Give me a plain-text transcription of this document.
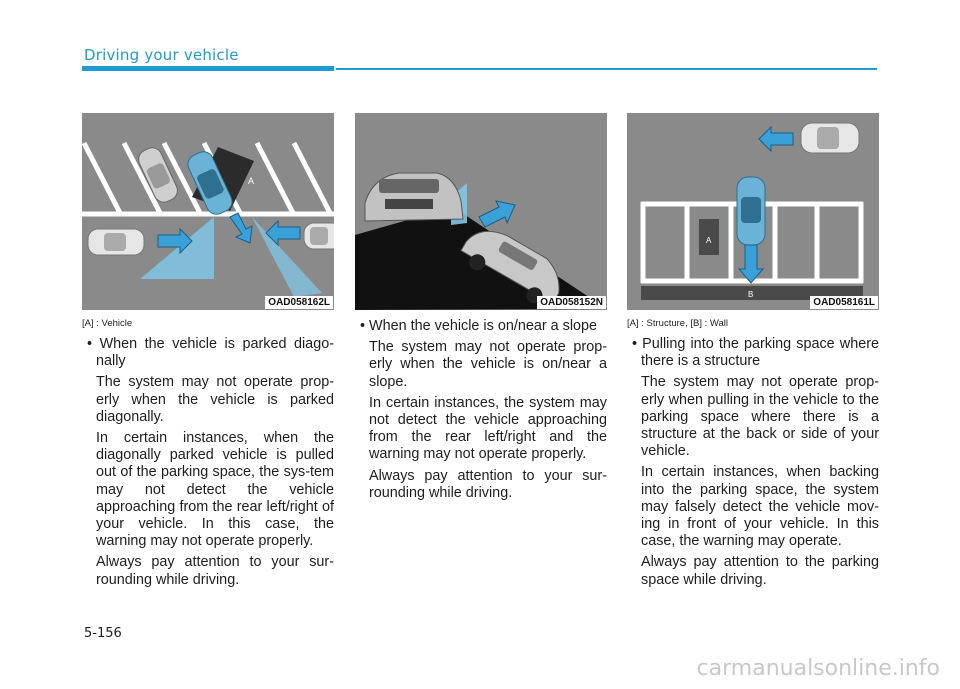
Driving your vehicle
A
OAD058162L	OAD058152N
A
B
OAD058161L
[A] : Vehicle
• When the vehicle is parked diago-nally
The system may not operate prop-erly when the vehicle is parked diagonally.
In certain instances, when the diagonally parked vehicle is pulled out of the parking space, the sys-tem may not detect the vehicle approaching from the rear left/right of your vehicle. In this case, the warning may not operate properly.
Always pay attention to your sur-rounding while driving.
• When the vehicle is on/near a slope
The system may not operate prop-erly when the vehicle is on/near a slope.
In certain instances, the system may not detect the vehicle approaching from the rear left/right and the warning may not operate properly.
Always pay attention to your sur-rounding while driving.
[A] : Structure, [B] : Wall
• Pulling into the parking space where there is a structure
The system may not operate prop-erly when pulling in the vehicle to the parking space where there is a structure at the back or side of your vehicle.
In certain instances, when backing into the parking space, the system may falsely detect the vehicle mov-ing in front of your vehicle. In this case, the warning may operate.
Always pay attention to the parking space while driving.
5-156
carmanualsonline.info
